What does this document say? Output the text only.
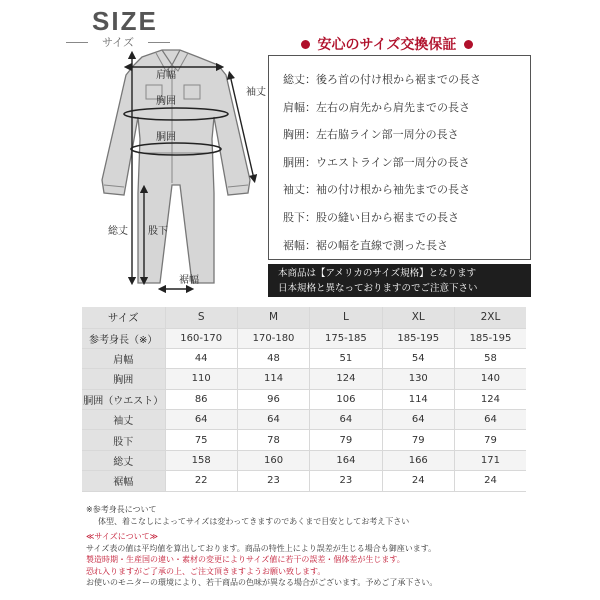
SIZE
サイズ	安心のサイズ交換保証
肩幅
胸囲
胴囲
袖丈
総丈 股下
裾幅
総丈：後ろ首の付け根から裾までの長さ
肩幅：左右の肩先から肩先までの長さ
胸囲：左右脇ライン部一周分の長さ
胴囲：ウエストライン部一周分の長さ
袖丈：袖の付け根から袖先までの長さ
股下：股の縫い目から裾までの長さ
裾幅：裾の幅を直線で測った長さ
本商品は【アメリカのサイズ規格】となります
日本規格と異なっておりますのでご注意下さい
サイズ	S	M	L	XL	2XL
参考身長（※）	160-170	170-180	175-185	185-195	185-195
肩幅	44	48	51	54	58
胸囲	110	114	124	130	140
胴囲（ウエスト）	86	96	106	114	124
袖丈	64	64	64	64	64
股下	75	78	79	79	79
総丈	158	160	164	166	171
裾幅	22	23	23	24	24
※参考身長について
体型、着こなしによってサイズは変わってきますのであくまで目安としてお考え下さい
≪サイズについて≫
サイズ表の値は平均値を算出しております。商品の特性上により誤差が生じる場合も御座います。
製造時期・生産国の違い・素材の変更によりサイズ値に若干の誤差・個体差が生じます。
恐れ入りますがご了承の上、ご注文頂きますようお願い致します。
お使いのモニターの環境により、若干商品の色味が異なる場合がございます。予めご了承下さい。
